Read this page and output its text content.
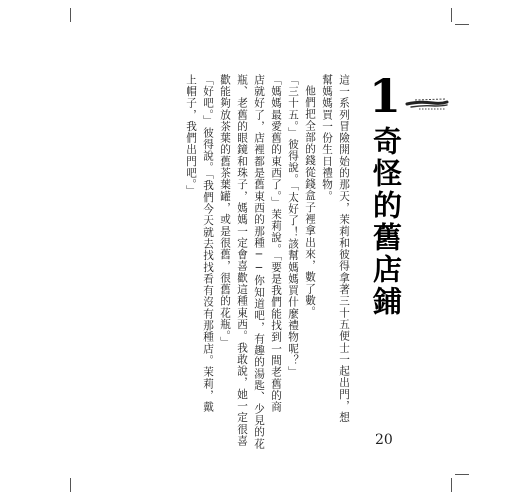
1
奇怪的舊店鋪
這一系列冒險開始的那天，茉莉和彼得拿著三十五便士一起出門，想
幫媽媽買一份生日禮物。
他們把全部的錢從錢盒子裡拿出來，數了數。
「三十五。」彼得說。「太好了！該幫媽媽買什麼禮物呢？」
「媽媽最愛舊的東西了。」茉莉說。「要是我們能找到一間老舊的商
店就好了，店裡都是舊東西的那種──你知道吧，有趣的湯匙、少見的花
瓶、老舊的眼鏡和珠子，媽媽一定會喜歡這種東西。我敢說，她一定很喜
歡能夠放茶葉的舊茶葉罐，或是很舊，很舊的花瓶。」
「好吧。」彼得說。「我們今天就去找找看有沒有那種店。茉莉，戴
上帽子，我們出門吧。」
20
